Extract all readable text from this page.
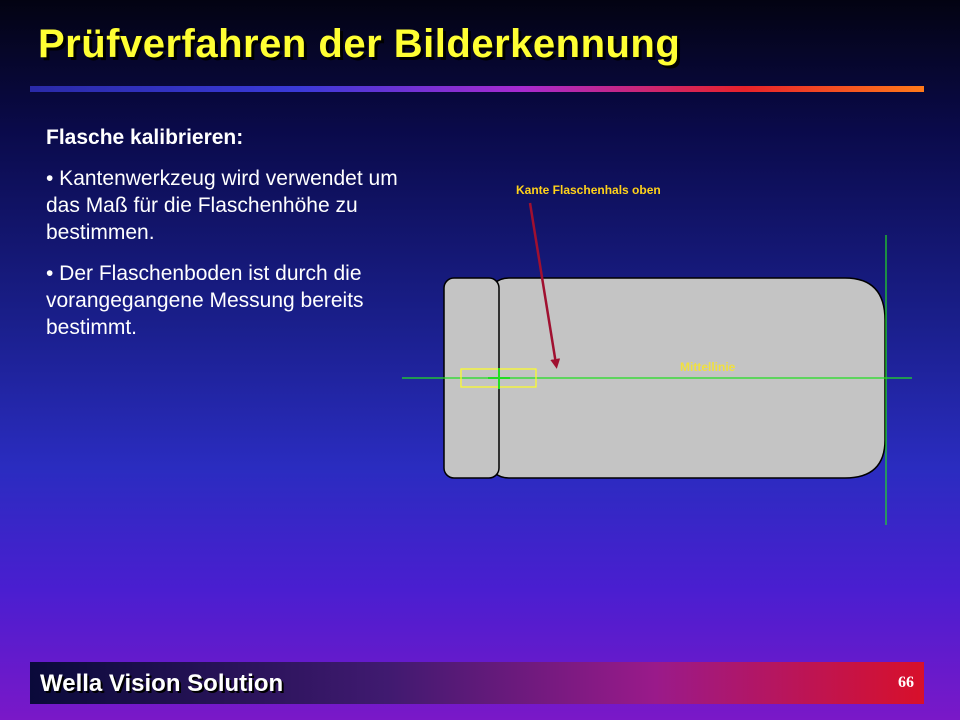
Prüfverfahren der Bilderkennung
Flasche kalibrieren:
• Kantenwerkzeug wird verwendet um das Maß für die Flaschenhöhe zu bestimmen.
• Der Flaschenboden ist durch die vorangegangene Messung bereits bestimmt.
Kante Flaschenhals oben
Mittellinie
Wella Vision Solution	66
